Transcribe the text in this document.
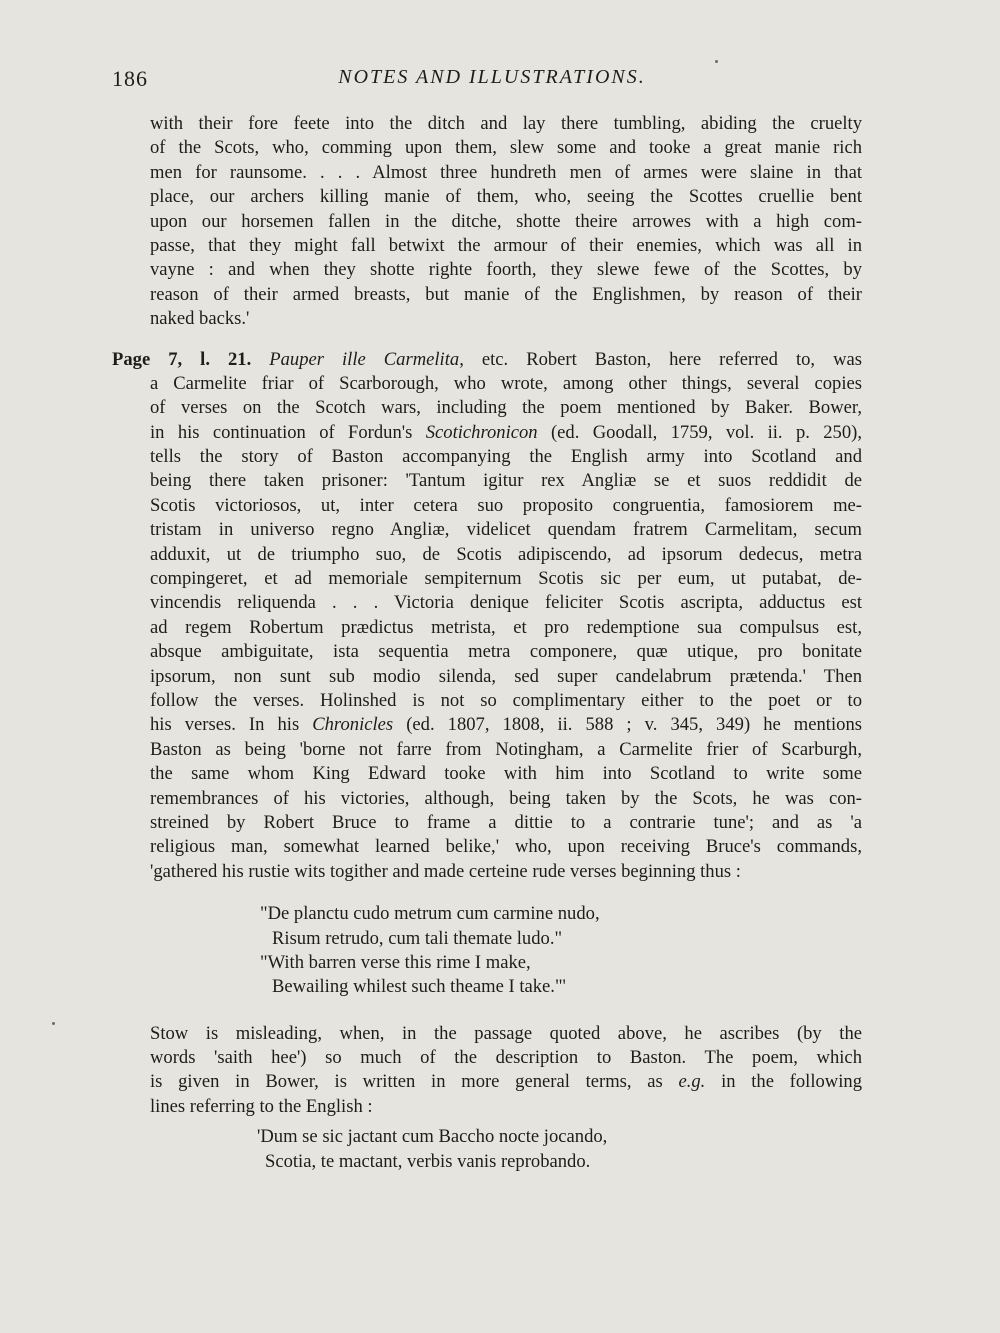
186	NOTES AND ILLUSTRATIONS.
with their fore feete into the ditch and lay there tumbling, abiding the cruelty
of the Scots, who, comming upon them, slew some and tooke a great manie rich
men for raunsome. . . . Almost three hundreth men of armes were slaine in that
place, our archers killing manie of them, who, seeing the Scottes cruellie bent
upon our horsemen fallen in the ditche, shotte theire arrowes with a high com-
passe, that they might fall betwixt the armour of their enemies, which was all in
vayne : and when they shotte righte foorth, they slewe fewe of the Scottes, by
reason of their armed breasts, but manie of the Englishmen, by reason of their
naked backs.'
Page 7, l. 21. Pauper ille Carmelita, etc. Robert Baston, here referred to, was
a Carmelite friar of Scarborough, who wrote, among other things, several copies
of verses on the Scotch wars, including the poem mentioned by Baker. Bower,
in his continuation of Fordun's Scotichronicon (ed. Goodall, 1759, vol. ii. p. 250),
tells the story of Baston accompanying the English army into Scotland and
being there taken prisoner: 'Tantum igitur rex Angliæ se et suos reddidit de
Scotis victoriosos, ut, inter cetera suo proposito congruentia, famosiorem me-
tristam in universo regno Angliæ, videlicet quendam fratrem Carmelitam, secum
adduxit, ut de triumpho suo, de Scotis adipiscendo, ad ipsorum dedecus, metra
compingeret, et ad memoriale sempiternum Scotis sic per eum, ut putabat, de-
vincendis reliquenda . . . Victoria denique feliciter Scotis ascripta, adductus est
ad regem Robertum prædictus metrista, et pro redemptione sua compulsus est,
absque ambiguitate, ista sequentia metra componere, quæ utique, pro bonitate
ipsorum, non sunt sub modio silenda, sed super candelabrum prætenda.' Then
follow the verses. Holinshed is not so complimentary either to the poet or to
his verses. In his Chronicles (ed. 1807, 1808, ii. 588 ; v. 345, 349) he mentions
Baston as being 'borne not farre from Notingham, a Carmelite frier of Scarburgh,
the same whom King Edward tooke with him into Scotland to write some
remembrances of his victories, although, being taken by the Scots, he was con-
streined by Robert Bruce to frame a dittie to a contrarie tune'; and as 'a
religious man, somewhat learned belike,' who, upon receiving Bruce's commands,
'gathered his rustie wits togither and made certeine rude verses beginning thus :
"De planctu cudo metrum cum carmine nudo,
Risum retrudo, cum tali themate ludo."
"With barren verse this rime I make,
Bewailing whilest such theame I take."'
Stow is misleading, when, in the passage quoted above, he ascribes (by the
words 'saith hee') so much of the description to Baston. The poem, which
is given in Bower, is written in more general terms, as e.g. in the following
lines referring to the English :
'Dum se sic jactant cum Baccho nocte jocando,
Scotia, te mactant, verbis vanis reprobando.
